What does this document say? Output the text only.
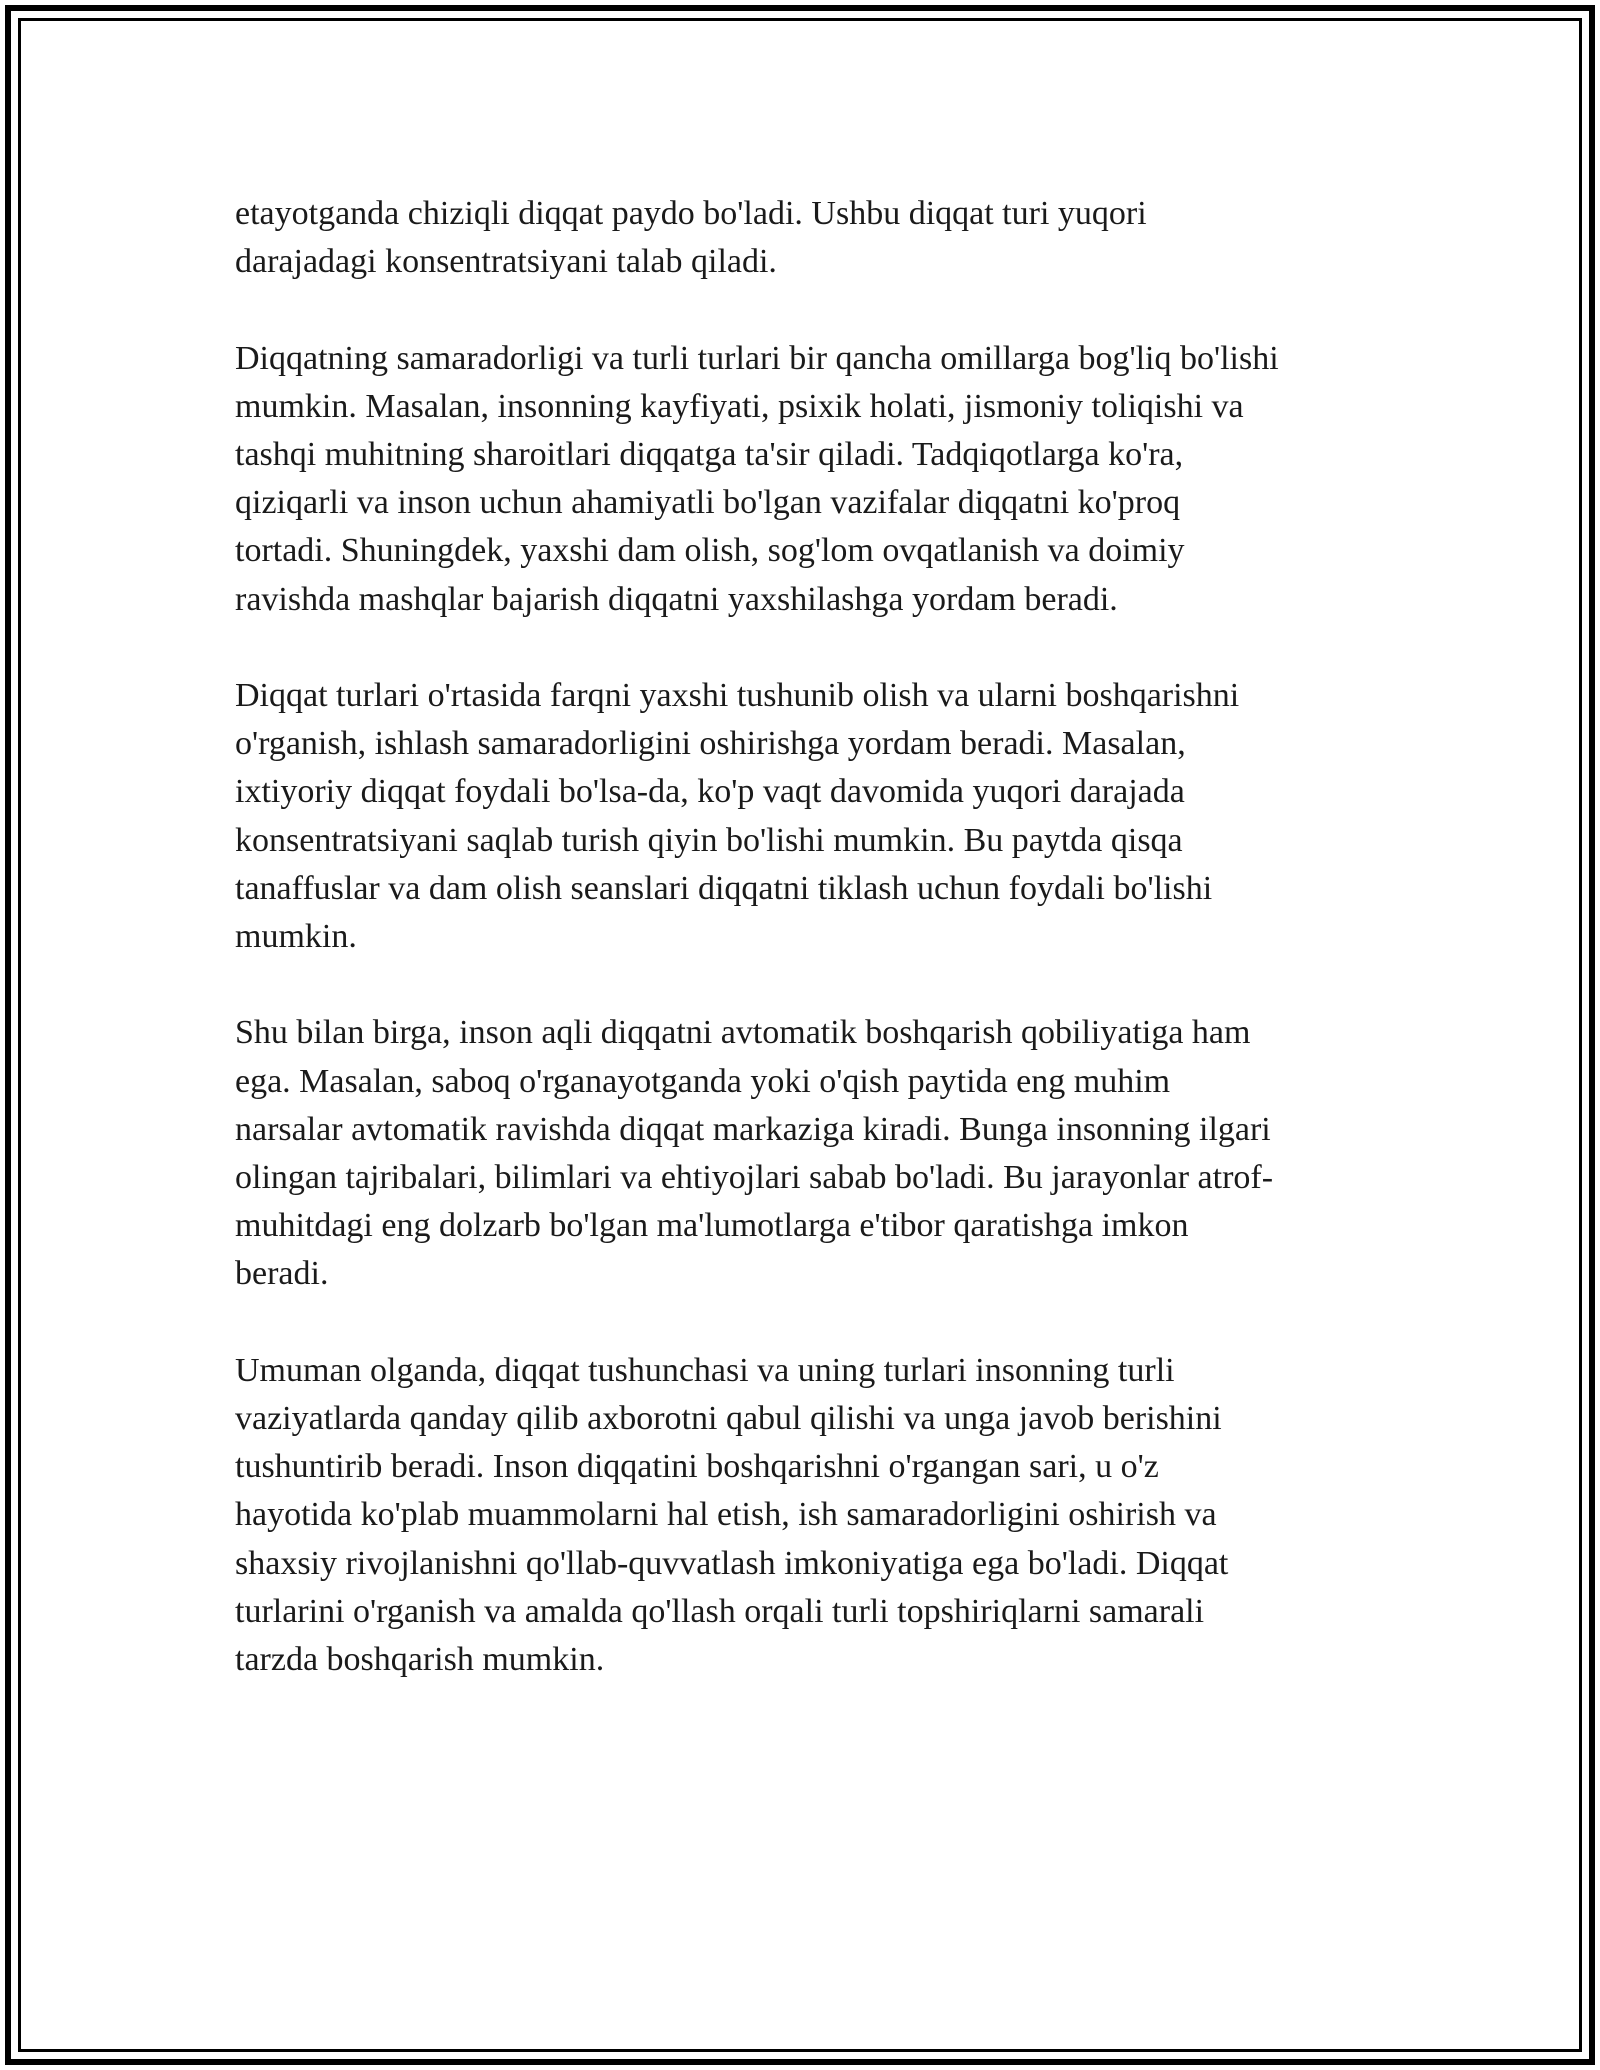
etayotganda chiziqli diqqat paydo bo'ladi. Ushbu diqqat turi yuqori
darajadagi konsentratsiyani talab qiladi.

Diqqatning samaradorligi va turli turlari bir qancha omillarga bog'liq bo'lishi
mumkin. Masalan, insonning kayfiyati, psixik holati, jismoniy toliqishi va
tashqi muhitning sharoitlari diqqatga ta'sir qiladi. Tadqiqotlarga ko'ra,
qiziqarli va inson uchun ahamiyatli bo'lgan vazifalar diqqatni ko'proq
tortadi. Shuningdek, yaxshi dam olish, sog'lom ovqatlanish va doimiy
ravishda mashqlar bajarish diqqatni yaxshilashga yordam beradi.

Diqqat turlari o'rtasida farqni yaxshi tushunib olish va ularni boshqarishni
o'rganish, ishlash samaradorligini oshirishga yordam beradi. Masalan,
ixtiyoriy diqqat foydali bo'lsa-da, ko'p vaqt davomida yuqori darajada
konsentratsiyani saqlab turish qiyin bo'lishi mumkin. Bu paytda qisqa
tanaffuslar va dam olish seanslari diqqatni tiklash uchun foydali bo'lishi
mumkin.

Shu bilan birga, inson aqli diqqatni avtomatik boshqarish qobiliyatiga ham
ega. Masalan, saboq o'rganayotganda yoki o'qish paytida eng muhim
narsalar avtomatik ravishda diqqat markaziga kiradi. Bunga insonning ilgari
olingan tajribalari, bilimlari va ehtiyojlari sabab bo'ladi. Bu jarayonlar atrof-
muhitdagi eng dolzarb bo'lgan ma'lumotlarga e'tibor qaratishga imkon
beradi.

Umuman olganda, diqqat tushunchasi va uning turlari insonning turli
vaziyatlarda qanday qilib axborotni qabul qilishi va unga javob berishini
tushuntirib beradi. Inson diqqatini boshqarishni o'rgangan sari, u o'z
hayotida ko'plab muammolarni hal etish, ish samaradorligini oshirish va
shaxsiy rivojlanishni qo'llab-quvvatlash imkoniyatiga ega bo'ladi. Diqqat
turlarini o'rganish va amalda qo'llash orqali turli topshiriqlarni samarali
tarzda boshqarish mumkin.
